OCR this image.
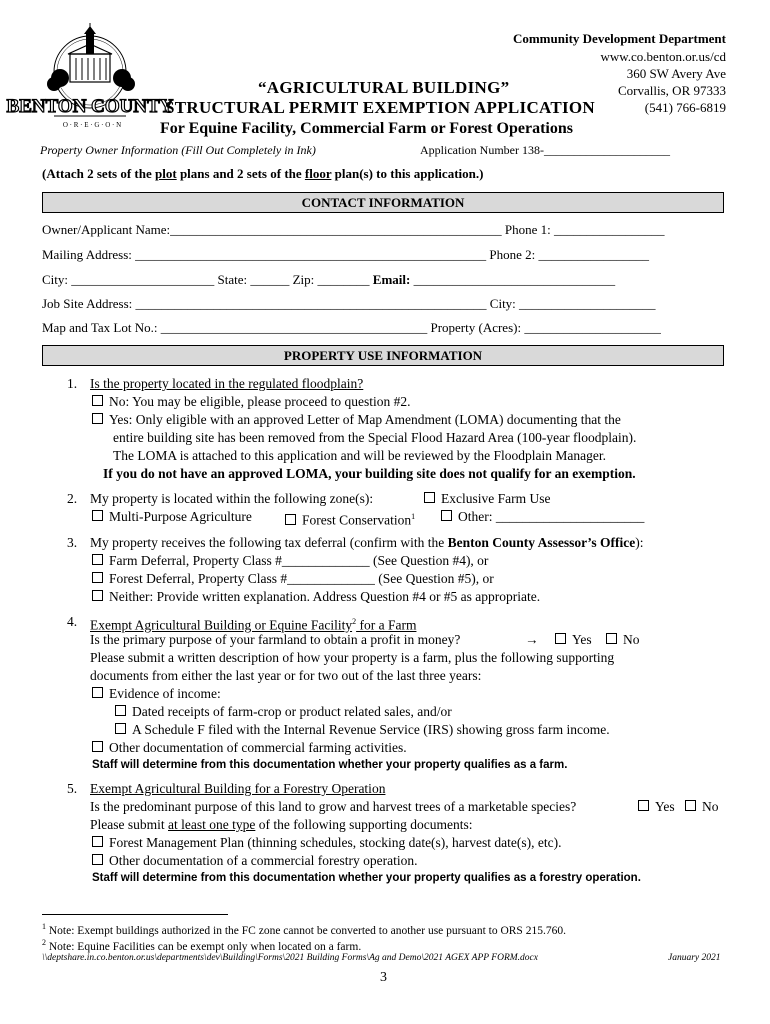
BENTON COUNTY
O · R · E · G · O · N
Community Development Department
www.co.benton.or.us/cd
360 SW Avery Ave
Corvallis, OR 97333
(541) 766-6819
“AGRICULTURAL BUILDING”
STRUCTURAL PERMIT EXEMPTION APPLICATION
For Equine Facility, Commercial Farm or Forest Operations
Property Owner Information (Fill Out Completely in Ink)	Application Number 138-_____________________
(Attach 2 sets of the plot plans and 2 sets of the floor plan(s) to this application.)
CONTACT INFORMATION
Owner/Applicant Name:___________________________________________________ Phone 1: _________________
Mailing Address: ______________________________________________________ Phone 2: _________________
City: ______________________ State: ______ Zip: ________ Email: _______________________________
Job Site Address: ______________________________________________________ City: _____________________
Map and Tax Lot No.: _________________________________________ Property (Acres): _____________________
PROPERTY USE INFORMATION
1. Is the property located in the regulated floodplain?
No: You may be eligible, please proceed to question #2.
Yes: Only eligible with an approved Letter of Map Amendment (LOMA) documenting that the
entire building site has been removed from the Special Flood Hazard Area (100-year floodplain).
The LOMA is attached to this application and will be reviewed by the Floodplain Manager.
If you do not have an approved LOMA, your building site does not qualify for an exemption.
2. My property is located within the following zone(s):	Exclusive Farm Use
Multi-Purpose Agriculture	Forest Conservation$^1$	Other: ______________________
3. My property receives the following tax deferral (confirm with the Benton County Assessor’s Office):
Farm Deferral, Property Class #_____________ (See Question #4), or
Forest Deferral, Property Class #_____________ (See Question #5), or
Neither: Provide written explanation. Address Question #4 or #5 as appropriate.
4. Exempt Agricultural Building or Equine Facility$^2$ for a Farm
Is the primary purpose of your farmland to obtain a profit in money?	→	Yes	No
Please submit a written description of how your property is a farm, plus the following supporting
documents from either the last year or for two out of the last three years:
Evidence of income:
Dated receipts of farm-crop or product related sales, and/or
A Schedule F filed with the Internal Revenue Service (IRS) showing gross farm income.
Other documentation of commercial farming activities.
Staff will determine from this documentation whether your property qualifies as a farm.
5. Exempt Agricultural Building for a Forestry Operation
Is the predominant purpose of this land to grow and harvest trees of a marketable species?	Yes	No
Please submit at least one type of the following supporting documents:
Forest Management Plan (thinning schedules, stocking date(s), harvest date(s), etc).
Other documentation of a commercial forestry operation.
Staff will determine from this documentation whether your property qualifies as a forestry operation.
$^1$ Note: Exempt buildings authorized in the FC zone cannot be converted to another use pursuant to ORS 215.760.
$^2$ Note: Equine Facilities can be exempt only when located on a farm.
\\deptshare.in.co.benton.or.us\departments\dev\Building\Forms\2021 Building Forms\Ag and Demo\2021 AGEX APP FORM.docx	January 2021
3
